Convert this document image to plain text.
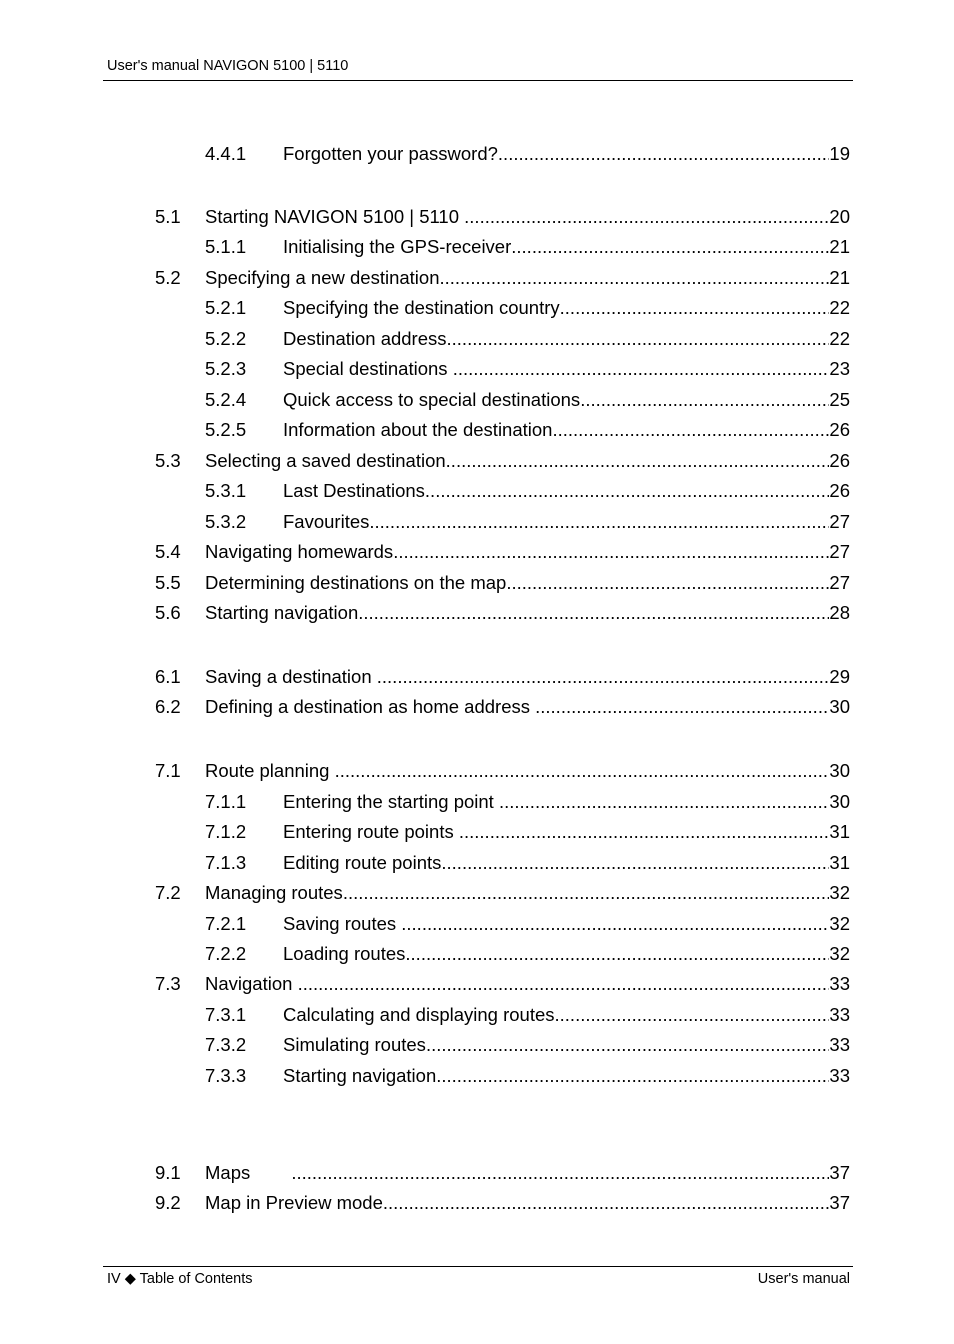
User's manual NAVIGON 5100 | 5110
4.4.1	Forgotten your password? .....	19
5.1	Starting NAVIGON 5100 | 5110 .....	20
5.1.1	Initialising the GPS-receiver .....	21
5.2	Specifying a new destination .....	21
5.2.1	Specifying the destination country .....	22
5.2.2	Destination address .....	22
5.2.3	Special destinations .....	23
5.2.4	Quick access to special destinations .....	25
5.2.5	Information about the destination .....	26
5.3	Selecting a saved destination .....	26
5.3.1	Last Destinations .....	26
5.3.2	Favourites .....	27
5.4	Navigating homewards .....	27
5.5	Determining destinations on the map .....	27
5.6	Starting navigation .....	28
6.1	Saving a destination .....	29
6.2	Defining a destination as home address .....	30
7.1	Route planning .....	30
7.1.1	Entering the starting point .....	30
7.1.2	Entering route points .....	31
7.1.3	Editing route points .....	31
7.2	Managing routes .....	32
7.2.1	Saving routes .....	32
7.2.2	Loading routes .....	32
7.3	Navigation .....	33
7.3.1	Calculating and displaying routes .....	33
7.3.2	Simulating routes .....	33
7.3.3	Starting navigation .....	33
9.1	Maps .....	37
9.2	Map in Preview mode .....	37
IV ◆ Table of Contents	User's manual
